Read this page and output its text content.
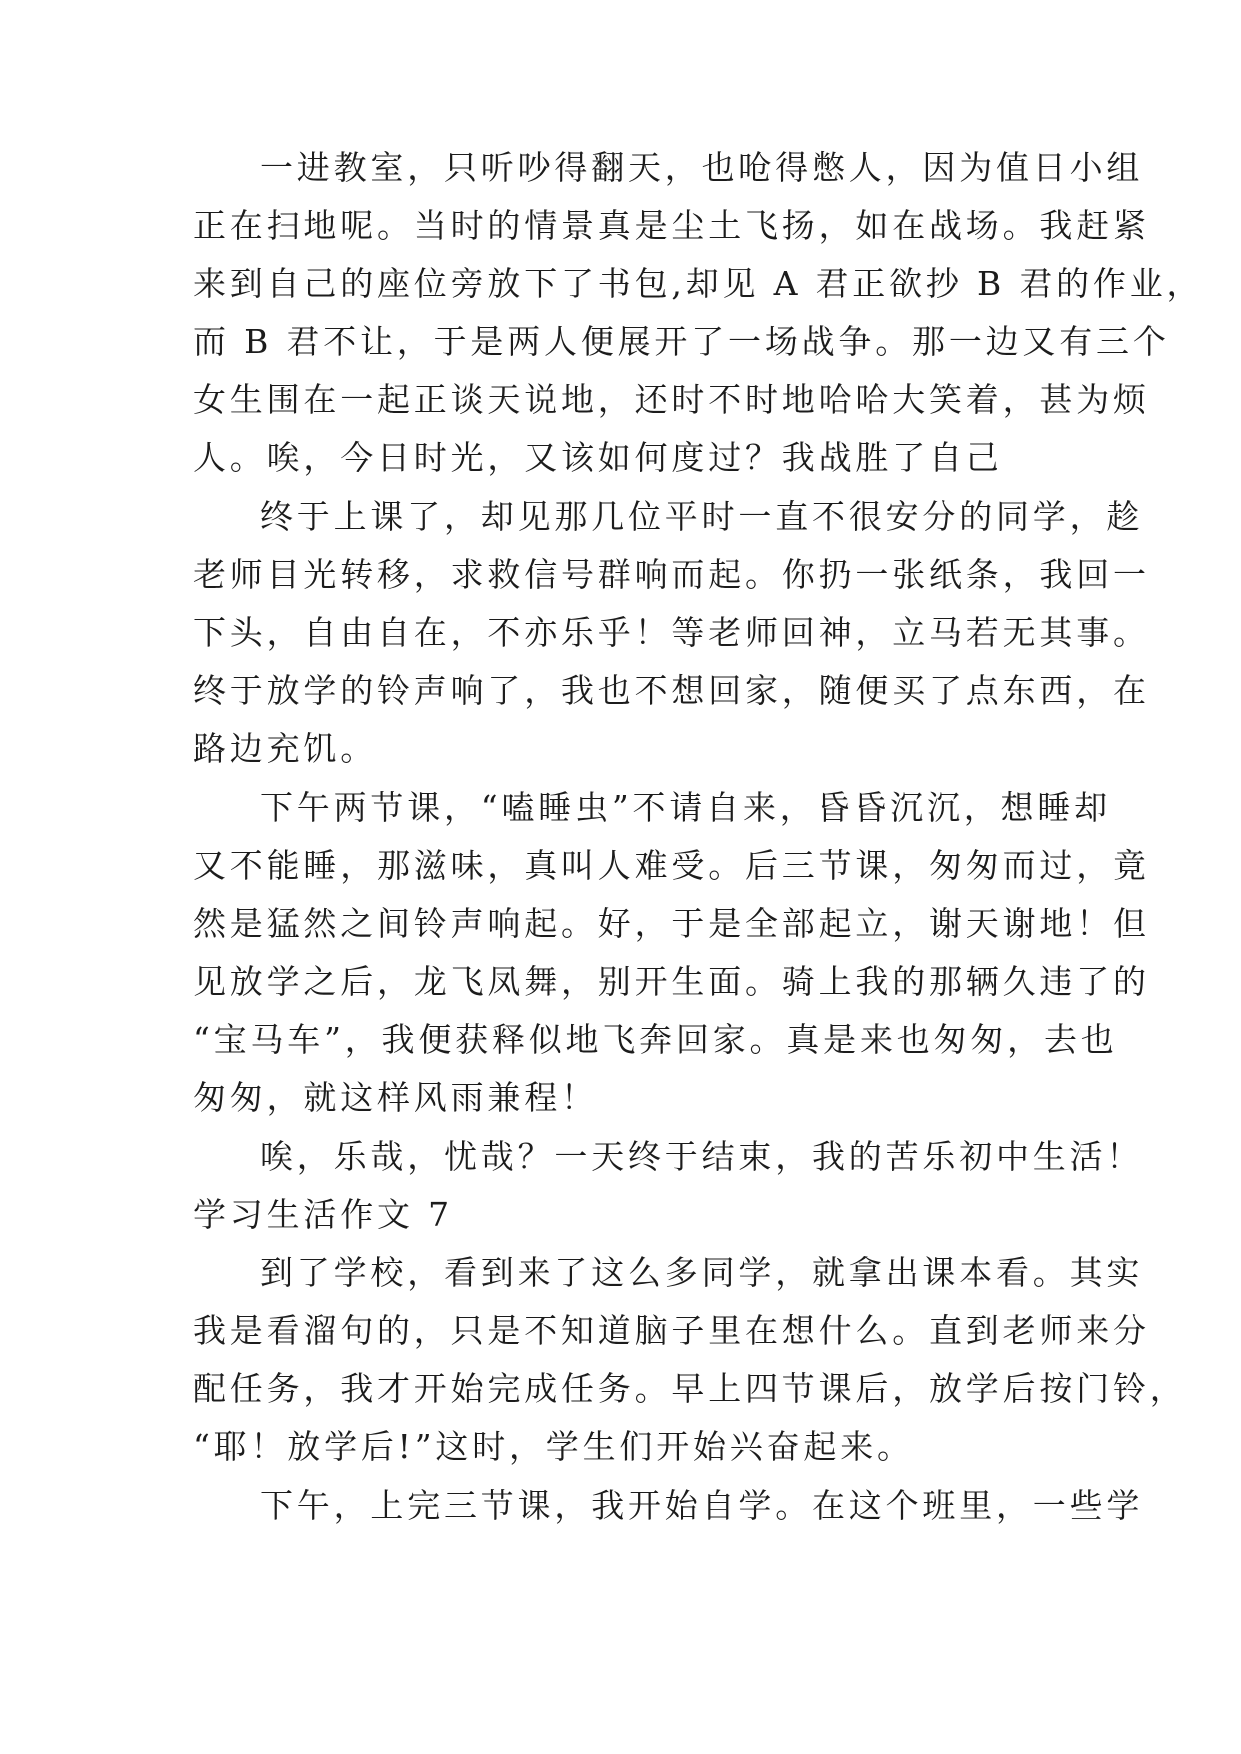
一进教室，只听吵得翻天，也呛得憋人，因为值日小组
正在扫地呢。当时的情景真是尘土飞扬，如在战场。我赶紧
来到自己的座位旁放下了书包,却见 A 君正欲抄 B 君的作业，
而 B 君不让，于是两人便展开了一场战争。那一边又有三个
女生围在一起正谈天说地，还时不时地哈哈大笑着，甚为烦
人。唉，今日时光，又该如何度过？我战胜了自己
终于上课了，却见那几位平时一直不很安分的同学，趁
老师目光转移，求救信号群响而起。你扔一张纸条，我回一
下头，自由自在，不亦乐乎！等老师回神，立马若无其事。
终于放学的铃声响了，我也不想回家，随便买了点东西，在
路边充饥。
下午两节课，“嗑睡虫”不请自来，昏昏沉沉，想睡却
又不能睡，那滋味，真叫人难受。后三节课，匆匆而过，竟
然是猛然之间铃声响起。好，于是全部起立，谢天谢地！但
见放学之后，龙飞凤舞，别开生面。骑上我的那辆久违了的
“宝马车”，我便获释似地飞奔回家。真是来也匆匆，去也
匆匆，就这样风雨兼程！
唉，乐哉，忧哉？一天终于结束，我的苦乐初中生活！
学习生活作文 7
到了学校，看到来了这么多同学，就拿出课本看。其实
我是看溜句的，只是不知道脑子里在想什么。直到老师来分
配任务，我才开始完成任务。早上四节课后，放学后按门铃，
“耶！放学后!”这时，学生们开始兴奋起来。
下午，上完三节课，我开始自学。在这个班里，一些学
